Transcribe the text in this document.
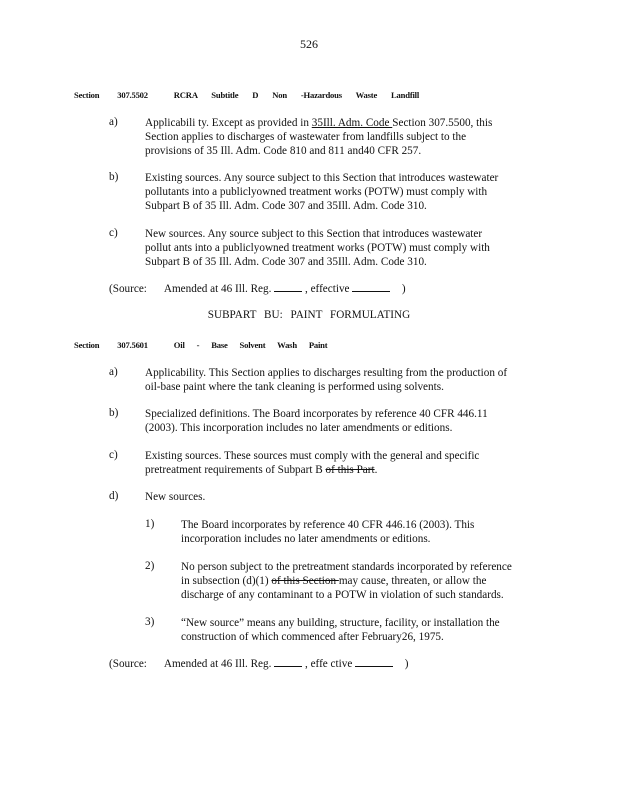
526
Section 307.5502	RCRA Subtitle D Non -Hazardous Waste Landfill
a) Applicabili ty. Except as provided in 35Ill. Adm. Code Section 307.5500, this
Section applies to discharges of wastewater from landfills subject to the
provisions of 35 Ill. Adm. Code 810 and 811 and40 CFR 257.
b) Existing sources. Any source subject to this Section that introduces wastewater
pollutants into a publiclyowned treatment works (POTW) must comply with
Subpart B of 35 Ill. Adm. Code 307 and 35Ill. Adm. Code 310.
c) New sources. Any source subject to this Section that introduces wastewater
pollut ants into a publiclyowned treatment works (POTW) must comply with
Subpart B of 35 Ill. Adm. Code 307 and 35Ill. Adm. Code 310.
(Source: Amended at 46 Ill. Reg.	, effective	)
SUBPART BU: PAINT FORMULATING
Section 307.5601	Oil - Base Solvent Wash Paint
a) Applicability. This Section applies to discharges resulting from the production of
oil-base paint where the tank cleaning is performed using solvents.
b) Specialized definitions. The Board incorporates by reference 40 CFR 446.11
(2003). This incorporation includes no later amendments or editions.
c) Existing sources. These sources must comply with the general and specific
pretreatment requirements of Subpart B of this Part.
d) New sources.
1) The Board incorporates by reference 40 CFR 446.16 (2003). This
incorporation includes no later amendments or editions.
2) No person subject to the pretreatment standards incorporated by reference
in subsection (d)(1) of this Section may cause, threaten, or allow the
discharge of any contaminant to a POTW in violation of such standards.
3) “New source” means any building, structure, facility, or installation the
construction of which commenced after February26, 1975.
(Source: Amended at 46 Ill. Reg.	, effe ctive	)
